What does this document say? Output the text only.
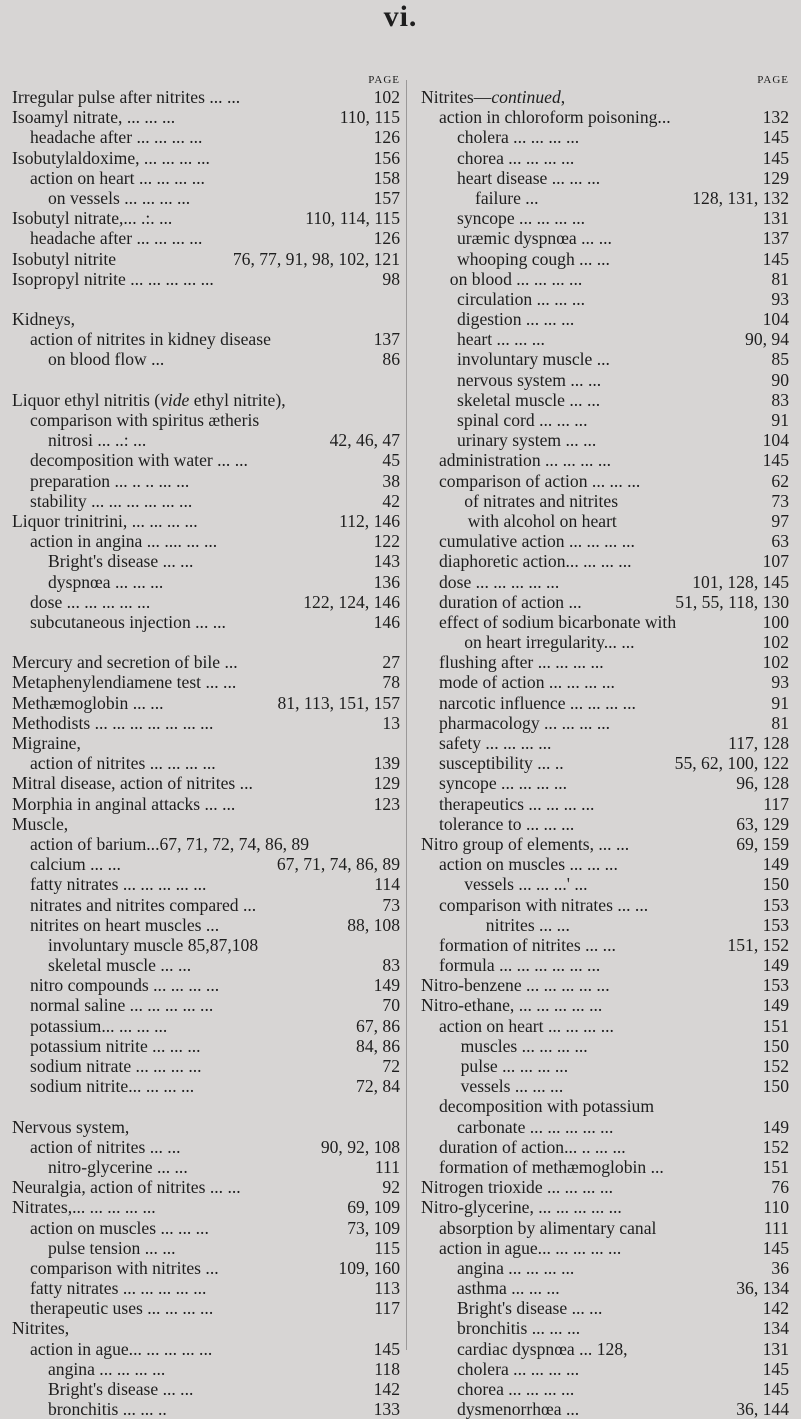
vi.
PAGE
Irregular pulse after nitrites ... ...	102
Isoamyl nitrate, ... ... ...	110, 115
headache after ... ... ... ...	126
Isobutylaldoxime, ... ... ... ...	156
action on heart ... ... ... ...	158
on vessels ... ... ... ...	157
Isobutyl nitrate,... .:. ...	110, 114, 115
headache after ... ... ... ...	126
Isobutyl nitrite	76, 77, 91, 98, 102, 121
Isopropyl nitrite ... ... ... ... ...	98
Kidneys,
action of nitrites in kidney disease	137
on blood flow ...	86
Liquor ethyl nitritis (vide ethyl nitrite),
comparison with spiritus ætheris
nitrosi ... ..: ...	42, 46, 47
decomposition with water ... ...	45
preparation ... .. .. ... ...	38
stability ... ... ... ... ... ...	42
Liquor trinitrini, ... ... ... ...	112, 146
action in angina ... .... ... ...	122
Bright's disease ... ...	143
dyspnœa ... ... ...	136
dose ... ... ... ... ...	122, 124, 146
subcutaneous injection ... ...	146
Mercury and secretion of bile ...	27
Metaphenylendiamene test ... ...	78
Methæmoglobin ... ...	81, 113, 151, 157
Methodists ... ... ... ... ... ... ...	13
Migraine,
action of nitrites ... ... ... ...	139
Mitral disease, action of nitrites ...	129
Morphia in anginal attacks ... ...	123
Muscle,
action of barium...67, 71, 72, 74, 86, 89
calcium ... ...	67, 71, 74, 86, 89
fatty nitrates ... ... ... ... ...	114
nitrates and nitrites compared ...	73
nitrites on heart muscles ...	88, 108
involuntary muscle 85,87,108
skeletal muscle ... ...	83
nitro compounds ... ... ... ...	149
normal saline ... ... ... ... ...	70
potassium... ... ... ...	67, 86
potassium nitrite ... ... ...	84, 86
sodium nitrate ... ... ... ...	72
sodium nitrite... ... ... ...	72, 84
Nervous system,
action of nitrites ... ...	90, 92, 108
nitro-glycerine ... ...	111
Neuralgia, action of nitrites ... ...	92
Nitrates,... ... ... ... ...	69, 109
action on muscles ... ... ...	73, 109
pulse tension ... ...	115
comparison with nitrites ...	109, 160
fatty nitrates ... ... ... ... ...	113
therapeutic uses ... ... ... ...	117
Nitrites,
action in ague... ... ... ... ...	145
angina ... ... ... ...	118
Bright's disease ... ...	142
bronchitis ... ... ..	133
PAGE
Nitrites—continued,
action in chloroform poisoning...	132
cholera ... ... ... ...	145
chorea ... ... ... ...	145
heart disease ... ... ...	129
failure ...	128, 131, 132
syncope ... ... ... ...	131
uræmic dyspnœa ... ...	137
whooping cough ... ...	145
on blood ... ... ... ...	81
circulation ... ... ...	93
digestion ... ... ...	104
heart ... ... ...	90, 94
involuntary muscle ...	85
nervous system ... ...	90
skeletal muscle ... ...	83
spinal cord ... ... ...	91
urinary system ... ...	104
administration ... ... ... ...	145
comparison of action ... ... ...	62
of nitrates and nitrites	73
with alcohol on heart	97
cumulative action ... ... ... ...	63
diaphoretic action... ... ... ...	107
dose ... ... ... ... ...	101, 128, 145
duration of action ...	51, 55, 118, 130
effect of sodium bicarbonate with	100
on heart irregularity... ...	102
flushing after ... ... ... ...	102
mode of action ... ... ... ...	93
narcotic influence ... ... ... ...	91
pharmacology ... ... ... ...	81
safety ... ... ... ...	117, 128
susceptibility ... ..	55, 62, 100, 122
syncope ... ... ... ...	96, 128
therapeutics ... ... ... ...	117
tolerance to ... ... ...	63, 129
Nitro group of elements, ... ...	69, 159
action on muscles ... ... ...	149
vessels ... ... ...' ...	150
comparison with nitrates ... ...	153
nitrites ... ...	153
formation of nitrites ... ...	151, 152
formula ... ... ... ... ... ...	149
Nitro-benzene ... ... ... ... ...	153
Nitro-ethane, ... ... ... ... ...	149
action on heart ... ... ... ...	151
muscles ... ... ... ...	150
pulse ... ... ... ...	152
vessels ... ... ...	150
decomposition with potassium
carbonate ... ... ... ... ...	149
duration of action... .. ... ...	152
formation of methæmoglobin ...	151
Nitrogen trioxide ... ... ... ...	76
Nitro-glycerine, ... ... ... ... ...	110
absorption by alimentary canal	111
action in ague... ... ... ... ...	145
angina ... ... ... ...	36
asthma ... ... ...	36, 134
Bright's disease ... ...	142
bronchitis ... ... ...	134
cardiac dyspnœa ... 128,	131
cholera ... ... ... ...	145
chorea ... ... ... ...	145
dysmenorrhœa ...	36, 144
